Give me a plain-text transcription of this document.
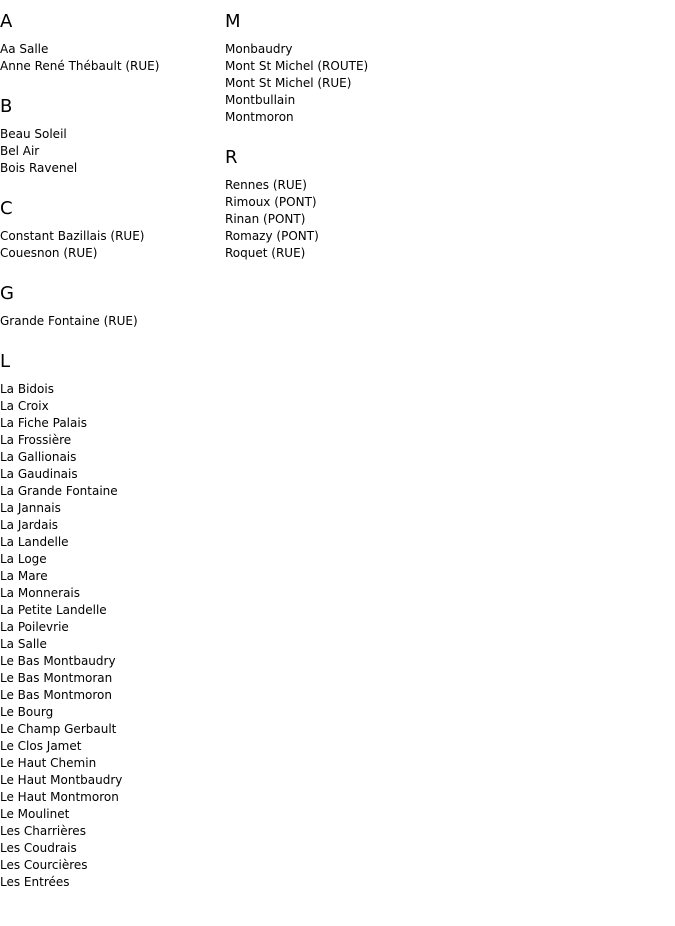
A
Aa Salle
Anne René Thébault (RUE)
B
Beau Soleil
Bel Air
Bois Ravenel
C
Constant Bazillais (RUE)
Couesnon (RUE)
G
Grande Fontaine (RUE)
L
La Bidois
La Croix
La Fiche Palais
La Frossière
La Gallionais
La Gaudinais
La Grande Fontaine
La Jannais
La Jardais
La Landelle
La Loge
La Mare
La Monnerais
La Petite Landelle
La Poilevrie
La Salle
Le Bas Montbaudry
Le Bas Montmoran
Le Bas Montmoron
Le Bourg
Le Champ Gerbault
Le Clos Jamet
Le Haut Chemin
Le Haut Montbaudry
Le Haut Montmoron
Le Moulinet
Les Charrières
Les Coudrais
Les Courcières
Les Entrées
M
Monbaudry
Mont St Michel (ROUTE)
Mont St Michel (RUE)
Montbullain
Montmoron
R
Rennes (RUE)
Rimoux (PONT)
Rinan (PONT)
Romazy (PONT)
Roquet (RUE)
